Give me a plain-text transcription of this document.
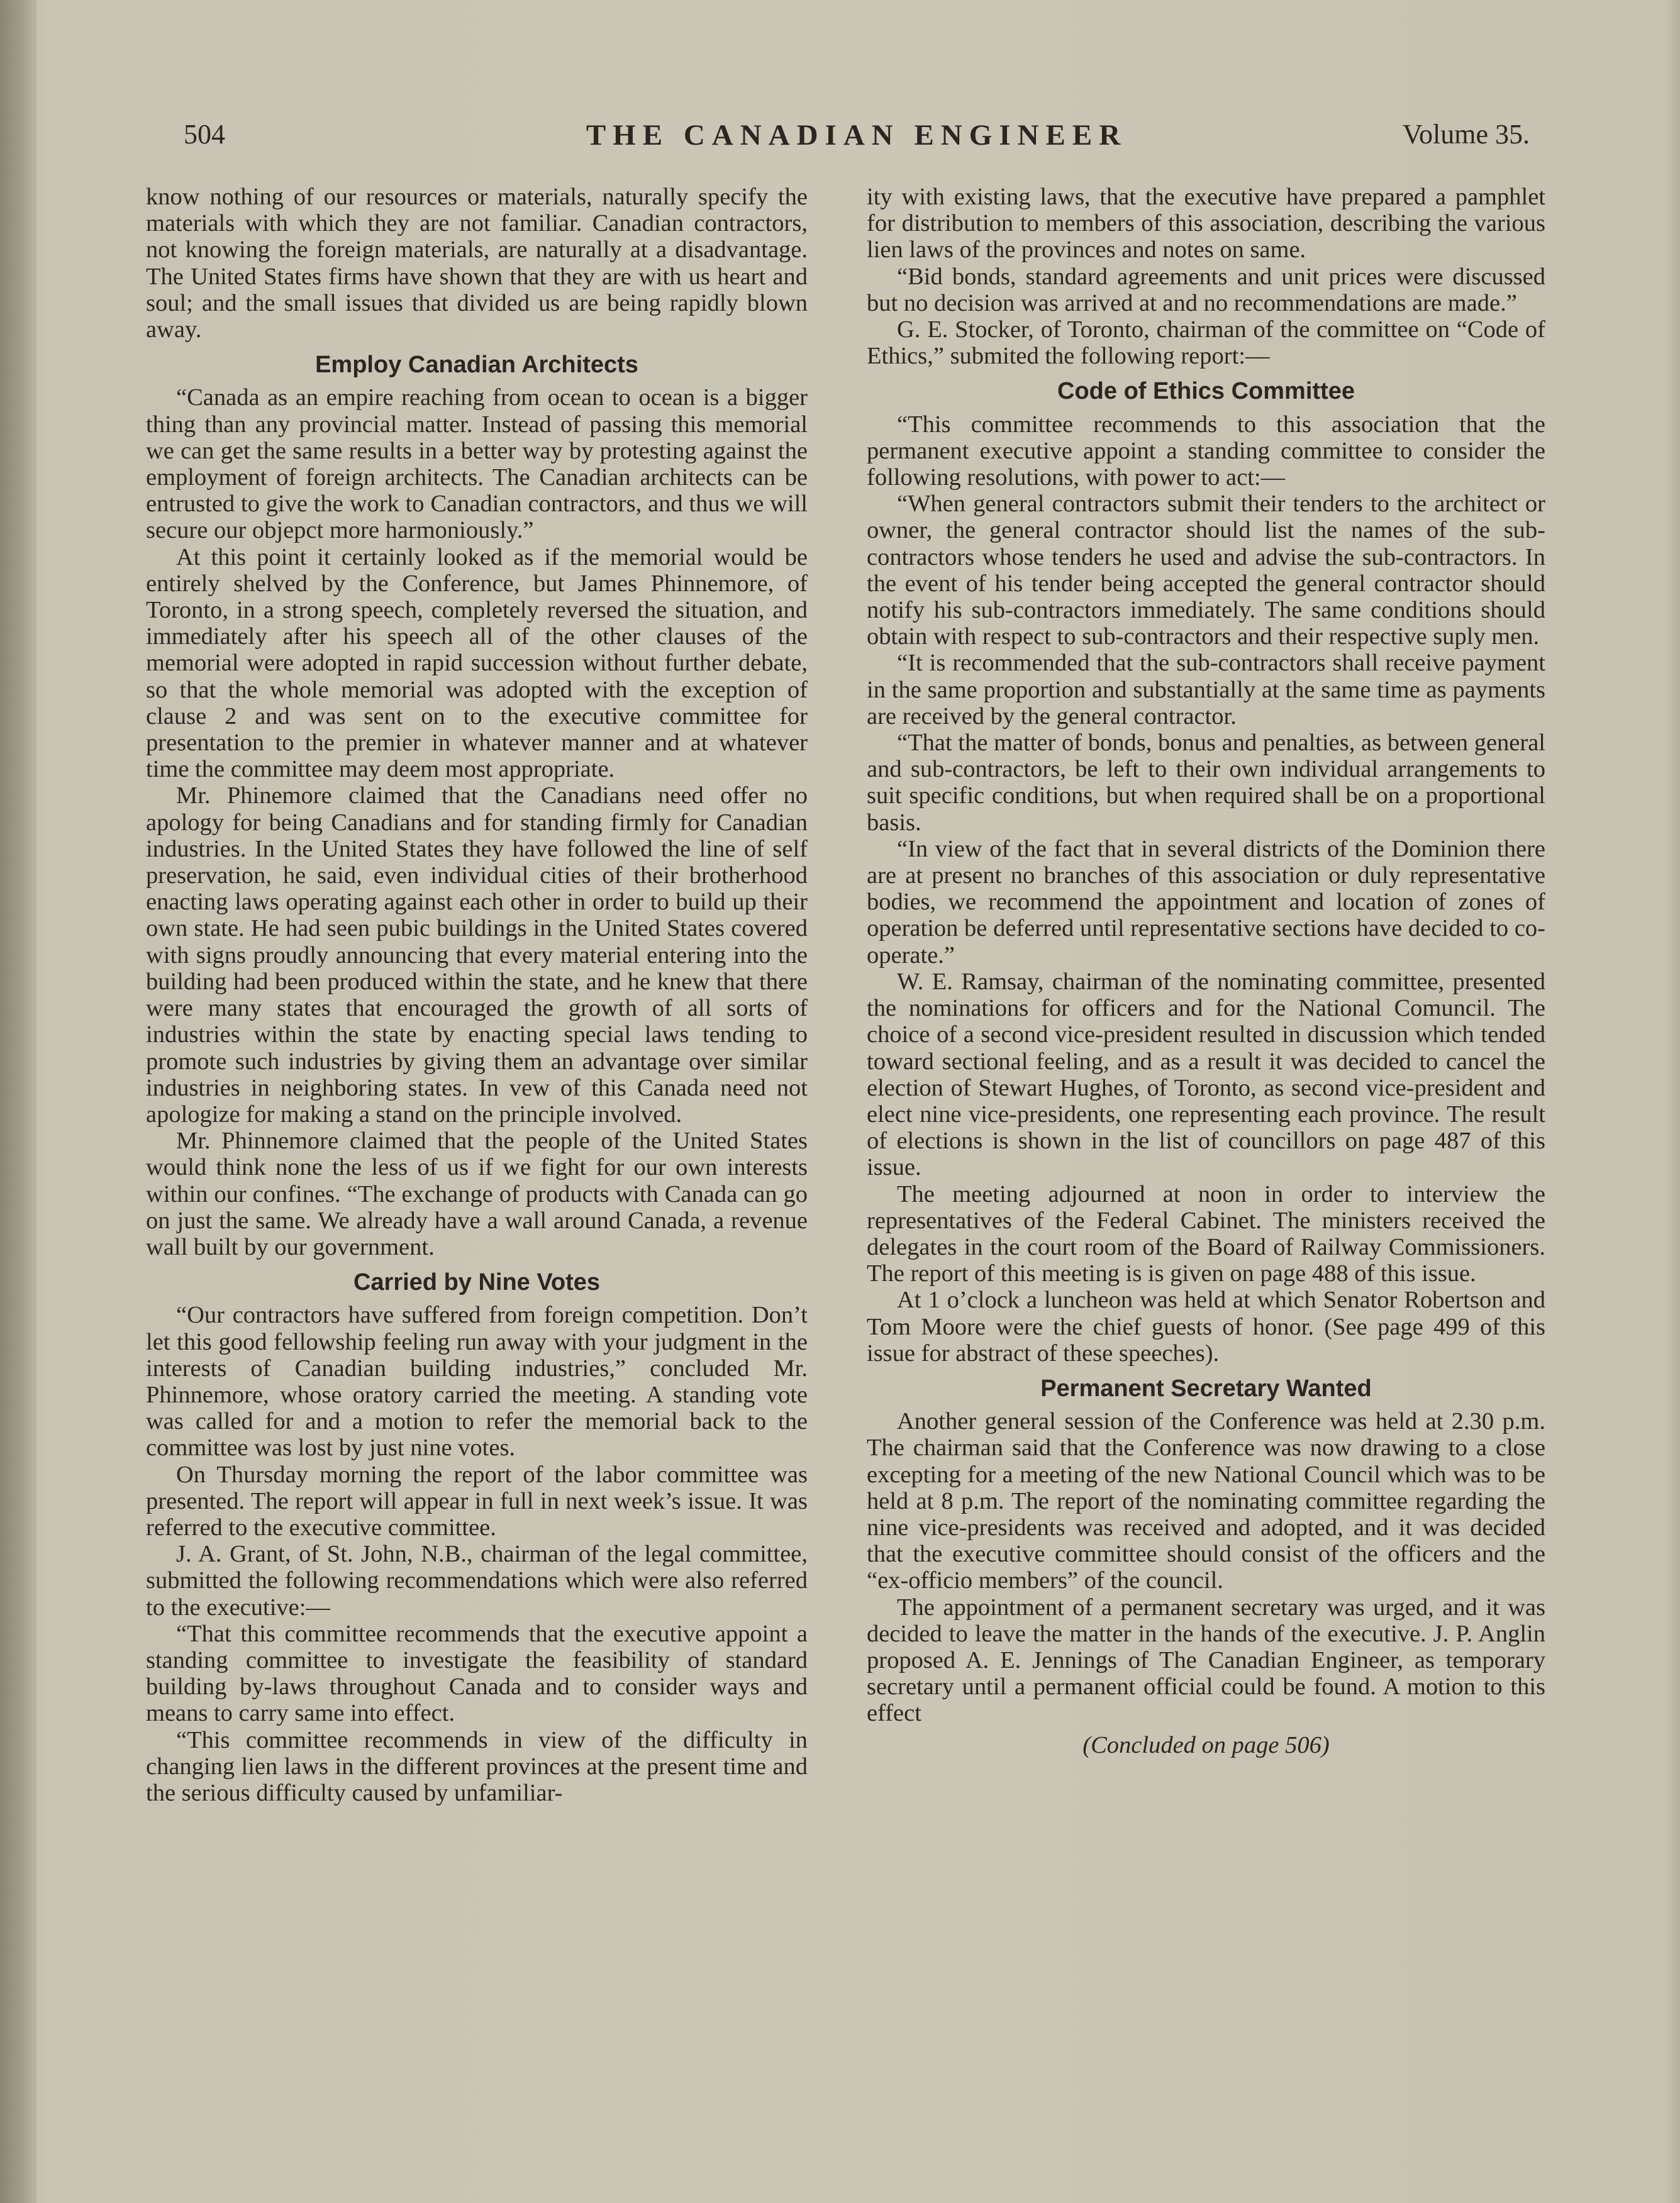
504	THE CANADIAN ENGINEER	Volume 35.

know nothing of our resources or materials, naturally specify the materials with which they are not familiar. Canadian contractors, not knowing the foreign materials, are naturally at a disadvantage. The United States firms have shown that they are with us heart and soul; and the small issues that divided us are being rapidly blown away.

Employ Canadian Architects

“Canada as an empire reaching from ocean to ocean is a bigger thing than any provincial matter. Instead of passing this memorial we can get the same results in a better way by protesting against the employment of foreign architects. The Canadian architects can be entrusted to give the work to Canadian contractors, and thus we will secure our objepct more harmoniously.”

At this point it certainly looked as if the memorial would be entirely shelved by the Conference, but James Phinnemore, of Toronto, in a strong speech, completely reversed the situation, and immediately after his speech all of the other clauses of the memorial were adopted in rapid succession without further debate, so that the whole memorial was adopted with the exception of clause 2 and was sent on to the executive committee for presentation to the premier in whatever manner and at whatever time the committee may deem most appropriate.

Mr. Phinemore claimed that the Canadians need offer no apology for being Canadians and for standing firmly for Canadian industries. In the United States they have followed the line of self preservation, he said, even individual cities of their brotherhood enacting laws operating against each other in order to build up their own state. He had seen pubic buildings in the United States covered with signs proudly announcing that every material entering into the building had been produced within the state, and he knew that there were many states that encouraged the growth of all sorts of industries within the state by enacting special laws tending to promote such industries by giving them an advantage over similar industries in neighboring states. In vew of this Canada need not apologize for making a stand on the principle involved.

Mr. Phinnemore claimed that the people of the United States would think none the less of us if we fight for our own interests within our confines. “The exchange of products with Canada can go on just the same. We already have a wall around Canada, a revenue wall built by our government.

Carried by Nine Votes

“Our contractors have suffered from foreign competition. Don’t let this good fellowship feeling run away with your judgment in the interests of Canadian building industries,” concluded Mr. Phinnemore, whose oratory carried the meeting. A standing vote was called for and a motion to refer the memorial back to the committee was lost by just nine votes.

On Thursday morning the report of the labor committee was presented. The report will appear in full in next week’s issue. It was referred to the executive committee.

J. A. Grant, of St. John, N.B., chairman of the legal committee, submitted the following recommendations which were also referred to the executive:—

“That this committee recommends that the executive appoint a standing committee to investigate the feasibility of standard building by-laws throughout Canada and to consider ways and means to carry same into effect.

“This committee recommends in view of the difficulty in changing lien laws in the different provinces at the present time and the serious difficulty caused by unfamiliar-

ity with existing laws, that the executive have prepared a pamphlet for distribution to members of this association, describing the various lien laws of the provinces and notes on same.

“Bid bonds, standard agreements and unit prices were discussed but no decision was arrived at and no recommendations are made.”

G. E. Stocker, of Toronto, chairman of the committee on “Code of Ethics,” submited the following report:—

Code of Ethics Committee

“This committee recommends to this association that the permanent executive appoint a standing committee to consider the following resolutions, with power to act:—

“When general contractors submit their tenders to the architect or owner, the general contractor should list the names of the sub-contractors whose tenders he used and advise the sub-contractors. In the event of his tender being accepted the general contractor should notify his sub-contractors immediately. The same conditions should obtain with respect to sub-contractors and their respective suply men.

“It is recommended that the sub-contractors shall receive payment in the same proportion and substantially at the same time as payments are received by the general contractor.

“That the matter of bonds, bonus and penalties, as between general and sub-contractors, be left to their own individual arrangements to suit specific conditions, but when required shall be on a proportional basis.

“In view of the fact that in several districts of the Dominion there are at present no branches of this association or duly representative bodies, we recommend the appointment and location of zones of operation be deferred until representative sections have decided to co-operate.”

W. E. Ramsay, chairman of the nominating committee, presented the nominations for officers and for the National Comuncil. The choice of a second vice-president resulted in discussion which tended toward sectional feeling, and as a result it was decided to cancel the election of Stewart Hughes, of Toronto, as second vice-president and elect nine vice-presidents, one representing each province. The result of elections is shown in the list of councillors on page 487 of this issue.

The meeting adjourned at noon in order to interview the representatives of the Federal Cabinet. The ministers received the delegates in the court room of the Board of Railway Commissioners. The report of this meeting is is given on page 488 of this issue.

At 1 o’clock a luncheon was held at which Senator Robertson and Tom Moore were the chief guests of honor. (See page 499 of this issue for abstract of these speeches).

Permanent Secretary Wanted

Another general session of the Conference was held at 2.30 p.m. The chairman said that the Conference was now drawing to a close excepting for a meeting of the new National Council which was to be held at 8 p.m. The report of the nominating committee regarding the nine vice-presidents was received and adopted, and it was decided that the executive committee should consist of the officers and the “ex-officio members” of the council.

The appointment of a permanent secretary was urged, and it was decided to leave the matter in the hands of the executive. J. P. Anglin proposed A. E. Jennings of The Canadian Engineer, as temporary secretary until a permanent official could be found. A motion to this effect

(Concluded on page 506)
